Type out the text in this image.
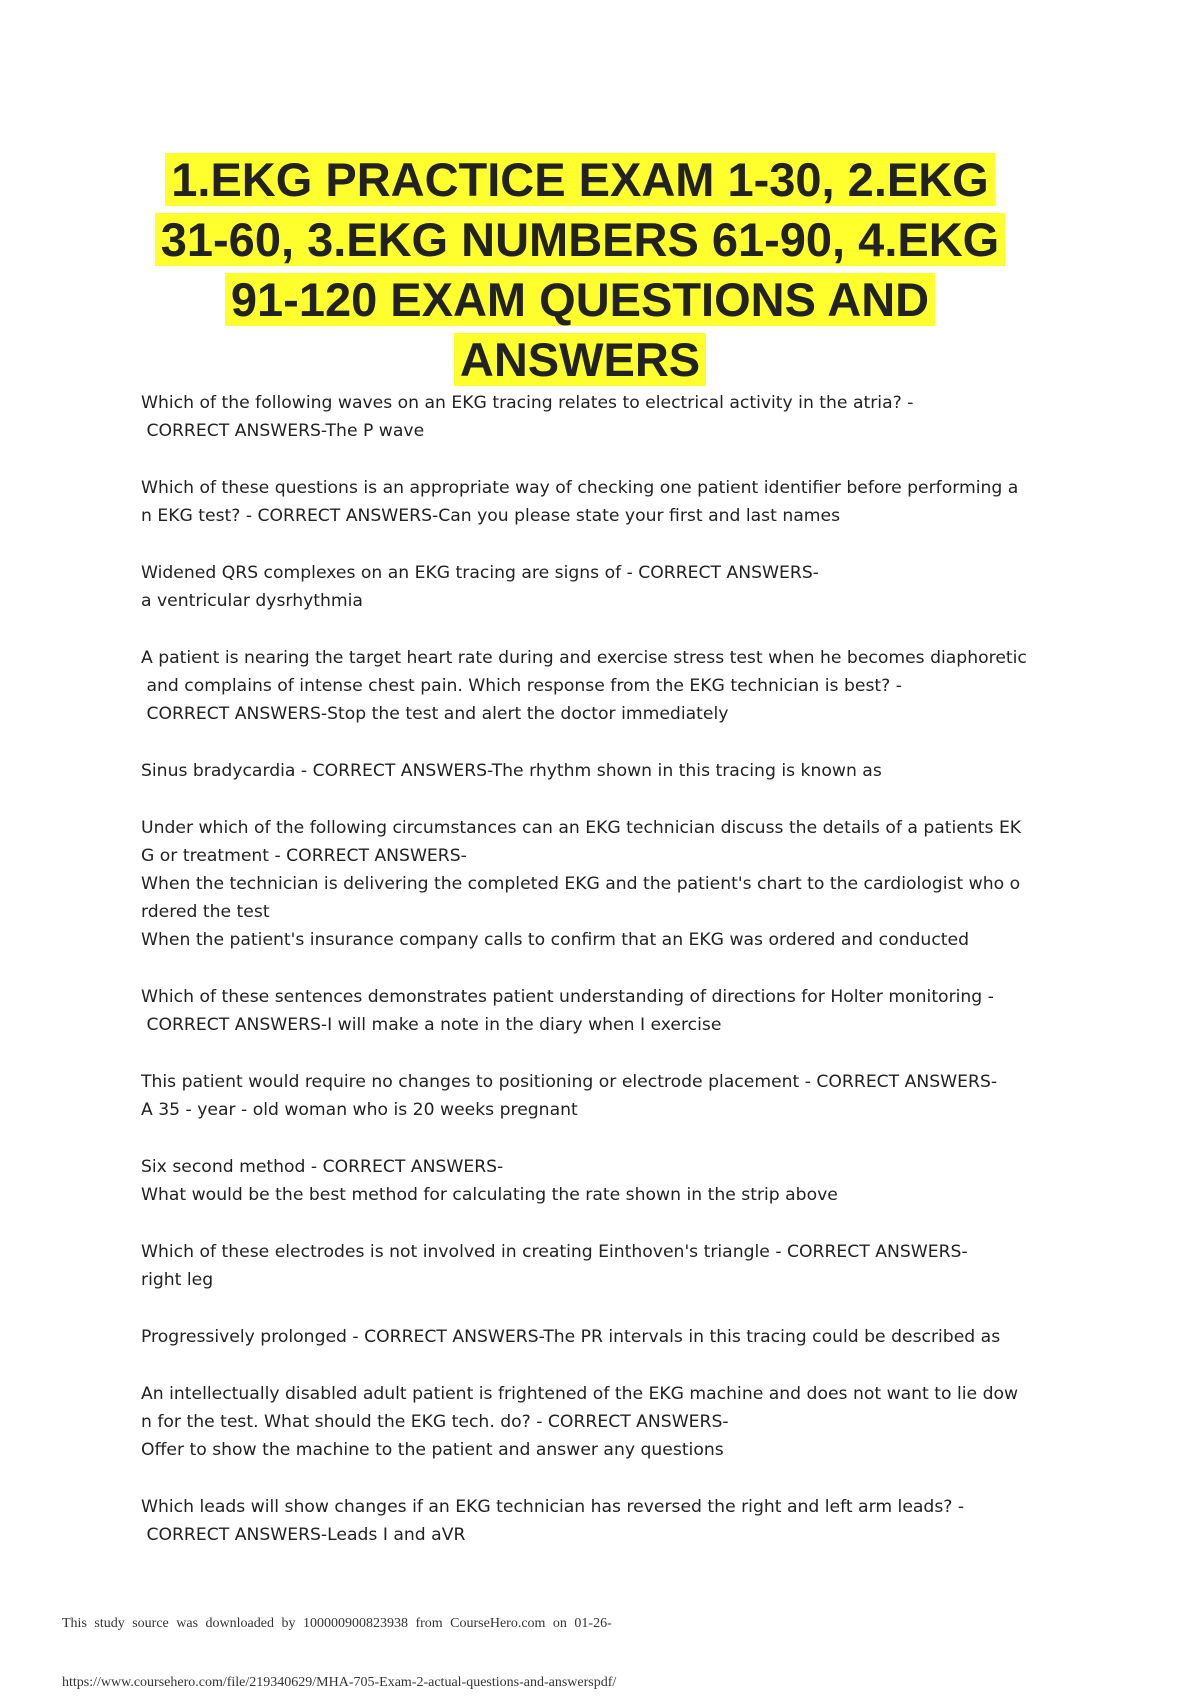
1.EKG PRACTICE EXAM 1-30, 2.EKG 31-60, 3.EKG NUMBERS 61-90, 4.EKG 91-120 EXAM QUESTIONS AND ANSWERS
Which of the following waves on an EKG tracing relates to electrical activity in the atria? -
CORRECT ANSWERS-The P wave
Which of these questions is an appropriate way of checking one patient identifier before performing a
n EKG test? - CORRECT ANSWERS-Can you please state your first and last names
Widened QRS complexes on an EKG tracing are signs of - CORRECT ANSWERS-
a ventricular dysrhythmia
A patient is nearing the target heart rate during and exercise stress test when he becomes diaphoretic
and complains of intense chest pain. Which response from the EKG technician is best? -
CORRECT ANSWERS-Stop the test and alert the doctor immediately
Sinus bradycardia - CORRECT ANSWERS-The rhythm shown in this tracing is known as
Under which of the following circumstances can an EKG technician discuss the details of a patients EK
G or treatment - CORRECT ANSWERS-
When the technician is delivering the completed EKG and the patient's chart to the cardiologist who o
rdered the test
When the patient's insurance company calls to confirm that an EKG was ordered and conducted
Which of these sentences demonstrates patient understanding of directions for Holter monitoring -
CORRECT ANSWERS-I will make a note in the diary when I exercise
This patient would require no changes to positioning or electrode placement - CORRECT ANSWERS-
A 35 - year - old woman who is 20 weeks pregnant
Six second method - CORRECT ANSWERS-
What would be the best method for calculating the rate shown in the strip above
Which of these electrodes is not involved in creating Einthoven's triangle - CORRECT ANSWERS-
right leg
Progressively prolonged - CORRECT ANSWERS-The PR intervals in this tracing could be described as
An intellectually disabled adult patient is frightened of the EKG machine and does not want to lie dow
n for the test. What should the EKG tech. do? - CORRECT ANSWERS-
Offer to show the machine to the patient and answer any questions
Which leads will show changes if an EKG technician has reversed the right and left arm leads? -
CORRECT ANSWERS-Leads I and aVR
This study source was downloaded by 100000900823938 from CourseHero.com on 01-26-
https://www.coursehero.com/file/219340629/MHA-705-Exam-2-actual-questions-and-answerspdf/
